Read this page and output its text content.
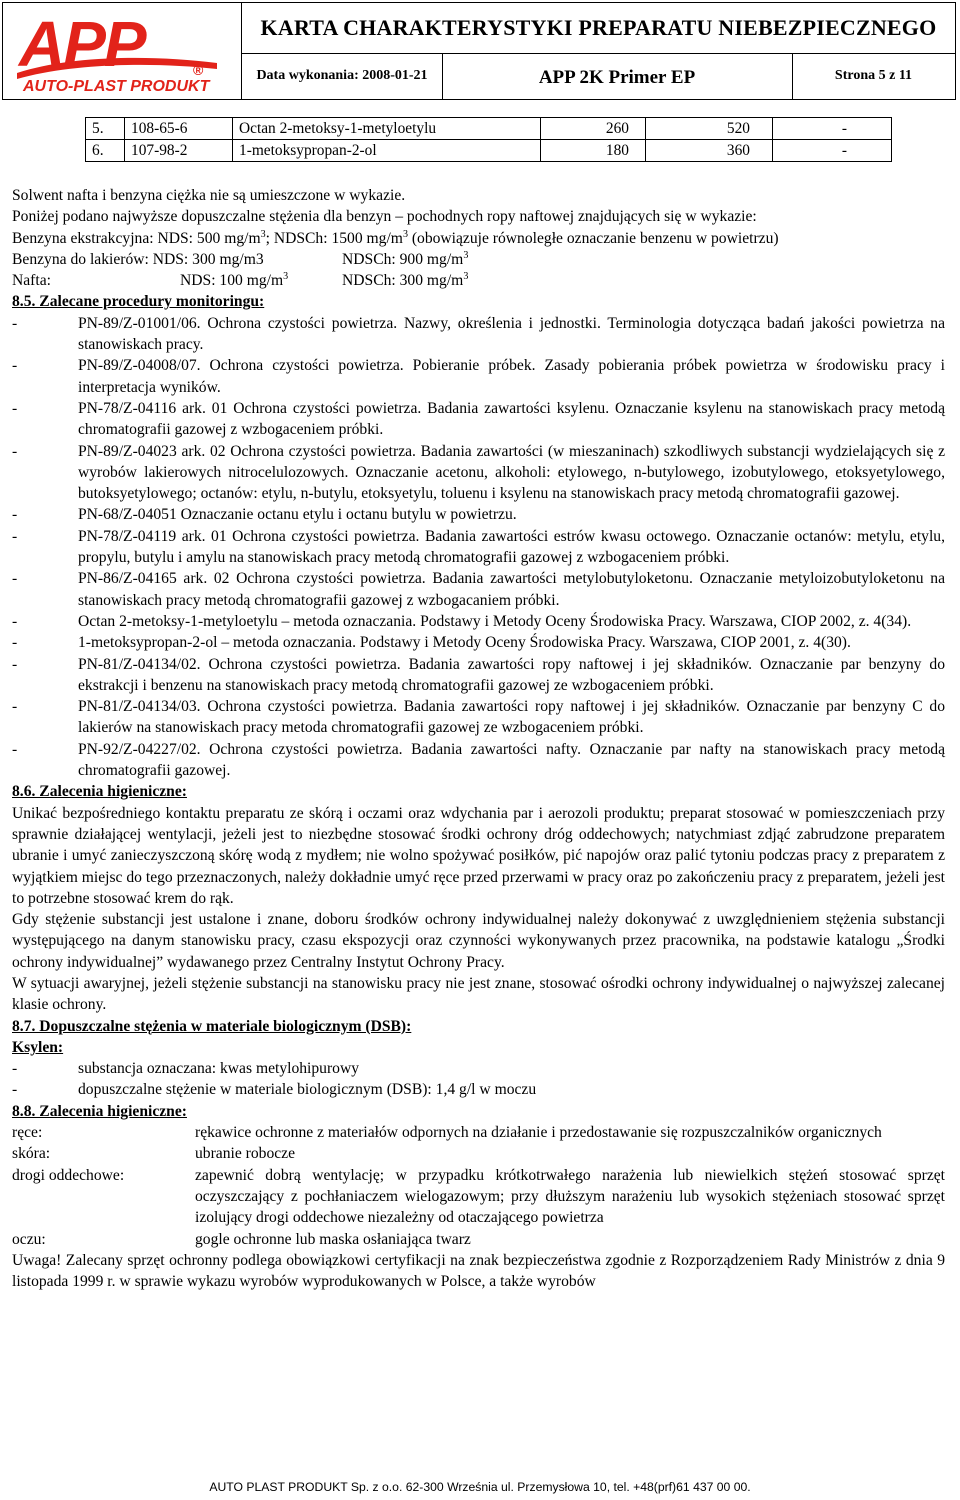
APP
AUTO-PLAST PRODUKT
®
KARTA CHARAKTERYSTYKI PREPARATU NIEBEZPIECZNEGO
Data wykonania: 2008-01-21	APP 2K Primer EP	Strona 5 z 11
5.	108-65-6	Octan 2-metoksy-1-metyloetylu	260	520	-
6.	107-98-2	1-metoksypropan-2-ol	180	360	-

Solwent nafta i benzyna ciężka nie są umieszczone w wykazie.

Poniżej podano najwyższe dopuszczalne stężenia dla benzyn – pochodnych ropy naftowej znajdujących się w wykazie:

Benzyna ekstrakcyjna: NDS: 500 $mg/m^3$; NDSCh: 1500 $mg/m^3$ (obowiązuje równoległe oznaczanie benzenu w powietrzu)

Benzyna do lakierów: NDS: 300 mg/m3	NDSCh: 900 $mg/m^3$
Nafta:	NDS: 100 $mg/m^3$	NDSCh: 300 $mg/m^3$

8.5. Zalecane procedury monitoringu:

-	PN-89/Z-01001/06. Ochrona czystości powietrza. Nazwy, określenia i jednostki. Terminologia dotycząca badań jakości powietrza na stanowiskach pracy.
-	PN-89/Z-04008/07. Ochrona czystości powietrza. Pobieranie próbek. Zasady pobierania próbek powietrza w środowisku pracy i interpretacja wyników.
-	PN-78/Z-04116 ark. 01 Ochrona czystości powietrza. Badania zawartości ksylenu. Oznaczanie ksylenu na stanowiskach pracy metodą chromatografii gazowej z wzbogaceniem próbki.
-	PN-89/Z-04023 ark. 02 Ochrona czystości powietrza. Badania zawartości (w mieszaninach) szkodliwych substancji wydzielających się z wyrobów lakierowych nitrocelulozowych. Oznaczanie acetonu, alkoholi: etylowego, n-butylowego, izobutylowego, etoksyetylowego, butoksyetylowego; octanów: etylu, n-butylu, etoksyetylu, toluenu i ksylenu na stanowiskach pracy metodą chromatografii gazowej.
-	PN-68/Z-04051 Oznaczanie octanu etylu i octanu butylu w powietrzu.
-	PN-78/Z-04119 ark. 01 Ochrona czystości powietrza. Badania zawartości estrów kwasu octowego. Oznaczanie octanów: metylu, etylu, propylu, butylu i amylu na stanowiskach pracy metodą chromatografii gazowej z wzbogaceniem próbki.
-	PN-86/Z-04165 ark. 02 Ochrona czystości powietrza. Badania zawartości metylobutyloketonu. Oznaczanie metyloizobutyloketonu na stanowiskach pracy metodą chromatografii gazowej z wzbogacaniem próbki.
-	Octan 2-metoksy-1-metyloetylu – metoda oznaczania. Podstawy i Metody Oceny Środowiska Pracy. Warszawa, CIOP 2002, z. 4(34).
-	1-metoksypropan-2-ol – metoda oznaczania. Podstawy i Metody Oceny Środowiska Pracy. Warszawa, CIOP 2001, z. 4(30).
-	PN-81/Z-04134/02. Ochrona czystości powietrza. Badania zawartości ropy naftowej i jej składników. Oznaczanie par benzyny do ekstrakcji i benzenu na stanowiskach pracy metodą chromatografii gazowej ze wzbogaceniem próbki.
-	PN-81/Z-04134/03. Ochrona czystości powietrza. Badania zawartości ropy naftowej i jej składników. Oznaczanie par benzyny C do lakierów na stanowiskach pracy metoda chromatografii gazowej ze wzbogaceniem próbki.
-	PN-92/Z-04227/02. Ochrona czystości powietrza. Badania zawartości nafty. Oznaczanie par nafty na stanowiskach pracy metodą chromatografii gazowej.

8.6. Zalecenia higieniczne:

Unikać bezpośredniego kontaktu preparatu ze skórą i oczami oraz wdychania par i aerozoli produktu; preparat stosować w pomieszczeniach przy sprawnie działającej wentylacji, jeżeli jest to niezbędne stosować środki ochrony dróg oddechowych; natychmiast zdjąć zabrudzone preparatem ubranie i umyć zanieczyszczoną skórę wodą z mydłem; nie wolno spożywać posiłków, pić napojów oraz palić tytoniu podczas pracy z preparatem z wyjątkiem miejsc do tego przeznaczonych, należy dokładnie umyć ręce przed przerwami w pracy oraz po zakończeniu pracy z preparatem, jeżeli jest to potrzebne stosować krem do rąk.

Gdy stężenie substancji jest ustalone i znane, doboru środków ochrony indywidualnej należy dokonywać z uwzględnieniem stężenia substancji występującego na danym stanowisku pracy, czasu ekspozycji oraz czynności wykonywanych przez pracownika, na podstawie katalogu „Środki ochrony indywidualnej” wydawanego przez Centralny Instytut Ochrony Pracy.

W sytuacji awaryjnej, jeżeli stężenie substancji na stanowisku pracy nie jest znane, stosować ośrodki ochrony indywidualnej o najwyższej zalecanej klasie ochrony.

8.7. Dopuszczalne stężenia w materiale biologicznym (DSB):

Ksylen:

-	substancja oznaczana: kwas metylohipurowy
-	dopuszczalne stężenie w materiale biologicznym (DSB): 1,4 g/l w moczu

8.8. Zalecenia higieniczne:

ręce:	rękawice ochronne z materiałów odpornych na działanie i przedostawanie się rozpuszczalników organicznych
skóra:	ubranie robocze
drogi oddechowe:	zapewnić dobrą wentylację; w przypadku krótkotrwałego narażenia lub niewielkich stężeń stosować sprzęt oczyszczający z pochłaniaczem wielogazowym; przy dłuższym narażeniu lub wysokich stężeniach stosować sprzęt izolujący drogi oddechowe niezależny od otaczającego powietrza
oczu:	gogle ochronne lub maska osłaniająca twarz

Uwaga! Zalecany sprzęt ochronny podlega obowiązkowi certyfikacji na znak bezpieczeństwa zgodnie z Rozporządzeniem Rady Ministrów z dnia 9 listopada 1999 r. w sprawie wykazu wyrobów wyprodukowanych w Polsce, a także wyrobów

AUTO PLAST PRODUKT Sp. z o.o. 62-300 Września ul. Przemysłowa 10, tel. +48(prf)61 437 00 00.
